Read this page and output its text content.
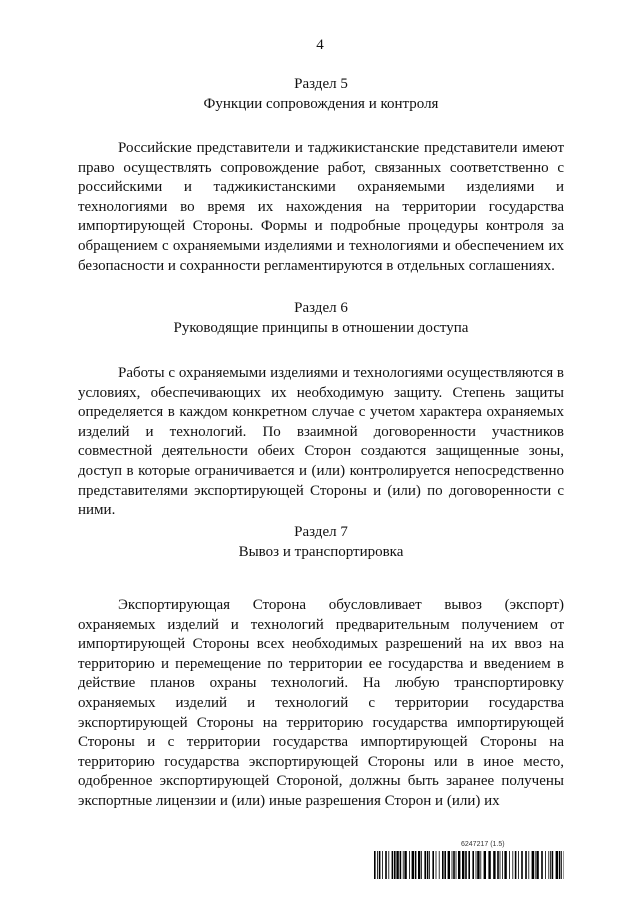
4

Раздел 5

Функции сопровождения и контроля

Российские представители и таджикистанские представители имеют право осуществлять сопровождение работ, связанных соответственно с российскими и таджикистанскими охраняемыми изделиями и технологиями во время их нахождения на территории государства импортирующей Стороны. Формы и подробные процедуры контроля за обращением с охраняемыми изделиями и технологиями и обеспечением их безопасности и сохранности регламентируются в отдельных соглашениях.

Раздел 6

Руководящие принципы в отношении доступа

Работы с охраняемыми изделиями и технологиями осуществляются в условиях, обеспечивающих их необходимую защиту. Степень защиты определяется в каждом конкретном случае с учетом характера охраняемых изделий и технологий. По взаимной договоренности участников совместной деятельности обеих Сторон создаются защищенные зоны, доступ в которые ограничивается и (или) контролируется непосредственно представителями экспортирующей Стороны и (или) по договоренности с ними.

Раздел 7

Вывоз и транспортировка

Экспортирующая Сторона обусловливает вывоз (экспорт) охраняемых изделий и технологий предварительным получением от импортирующей Стороны всех необходимых разрешений на их ввоз на территорию и перемещение по территории ее государства и введением в действие планов охраны технологий. На любую транспортировку охраняемых изделий и технологий с территории государства экспортирующей Стороны на территорию государства импортирующей Стороны и с территории государства импортирующей Стороны на территорию государства экспортирующей Стороны или в иное место, одобренное экспортирующей Стороной, должны быть заранее получены экспортные лицензии и (или) иные разрешения Сторон и (или) их

6247217 (1.5)
